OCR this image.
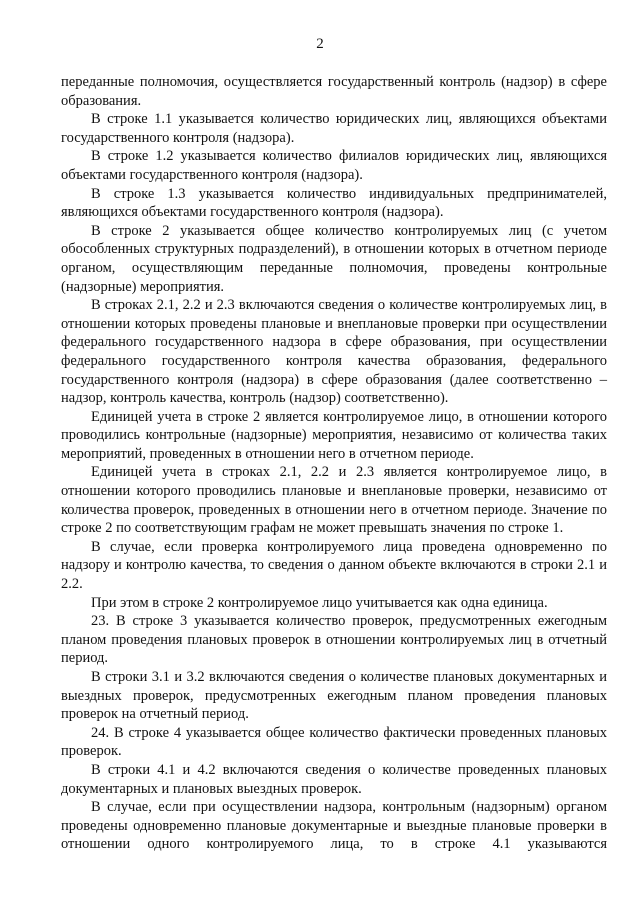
2

переданные полномочия, осуществляется государственный контроль (надзор) в сфере образования.

В строке 1.1 указывается количество юридических лиц, являющихся объектами государственного контроля (надзора).

В строке 1.2 указывается количество филиалов юридических лиц, являющихся объектами государственного контроля (надзора).

В строке 1.3 указывается количество индивидуальных предпринимателей, являющихся объектами государственного контроля (надзора).

В строке 2 указывается общее количество контролируемых лиц (с учетом обособленных структурных подразделений), в отношении которых в отчетном периоде органом, осуществляющим переданные полномочия, проведены контрольные (надзорные) мероприятия.

В строках 2.1, 2.2 и 2.3 включаются сведения о количестве контролируемых лиц, в отношении которых проведены плановые и внеплановые проверки при осуществлении федерального государственного надзора в сфере образования, при осуществлении федерального государственного контроля качества образования, федерального государственного контроля (надзора) в сфере образования (далее соответственно – надзор, контроль качества, контроль (надзор) соответственно).

Единицей учета в строке 2 является контролируемое лицо, в отношении которого проводились контрольные (надзорные) мероприятия, независимо от количества таких мероприятий, проведенных в отношении него в отчетном периоде.

Единицей учета в строках 2.1, 2.2 и 2.3 является контролируемое лицо, в отношении которого проводились плановые и внеплановые проверки, независимо от количества проверок, проведенных в отношении него в отчетном периоде. Значение по строке 2 по соответствующим графам не может превышать значения по строке 1.

В случае, если проверка контролируемого лица проведена одновременно по надзору и контролю качества, то сведения о данном объекте включаются в строки 2.1 и 2.2.

При этом в строке 2 контролируемое лицо учитывается как одна единица.

23. В строке 3 указывается количество проверок, предусмотренных ежегодным планом проведения плановых проверок в отношении контролируемых лиц в отчетный период.

В строки 3.1 и 3.2 включаются сведения о количестве плановых документарных и выездных проверок, предусмотренных ежегодным планом проведения плановых проверок на отчетный период.

24. В строке 4 указывается общее количество фактически проведенных плановых проверок.

В строки 4.1 и 4.2 включаются сведения о количестве проведенных плановых документарных и плановых выездных проверок.

В случае, если при осуществлении надзора, контрольным (надзорным) органом проведены одновременно плановые документарные и выездные плановые проверки в отношении одного контролируемого лица, то в строке 4.1 указываются
